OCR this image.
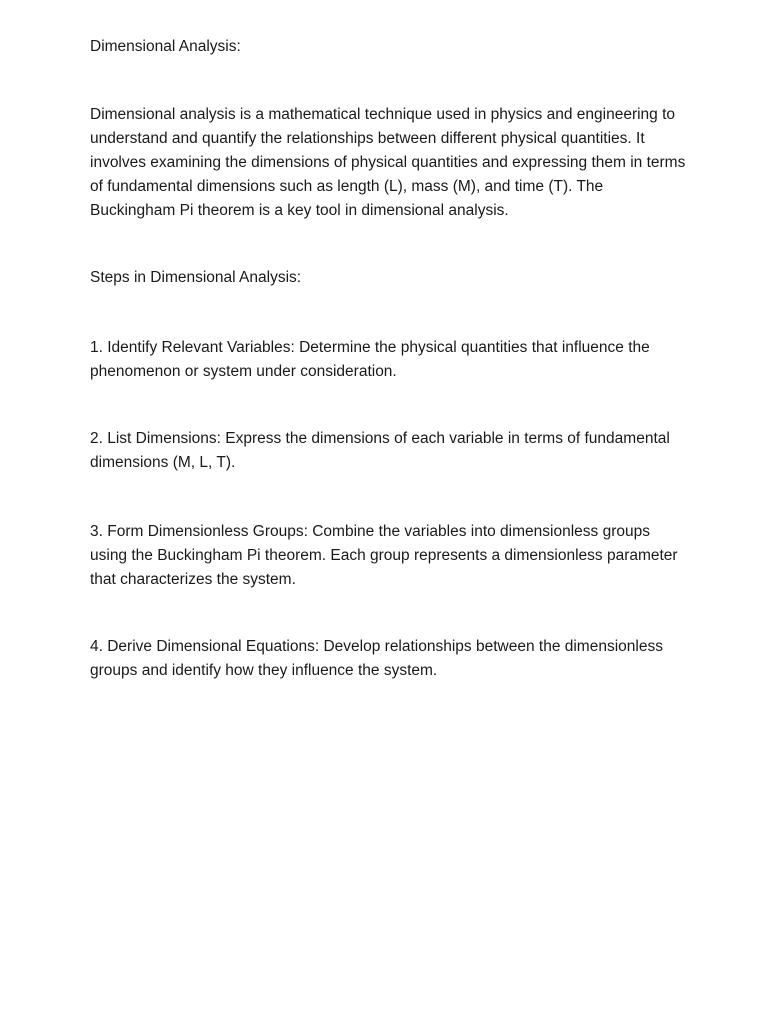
Dimensional Analysis:

Dimensional analysis is a mathematical technique used in physics and engineering to understand and quantify the relationships between different physical quantities. It involves examining the dimensions of physical quantities and expressing them in terms of fundamental dimensions such as length (L), mass (M), and time (T). The Buckingham Pi theorem is a key tool in dimensional analysis.

Steps in Dimensional Analysis:

1. Identify Relevant Variables: Determine the physical quantities that influence the phenomenon or system under consideration.

2. List Dimensions: Express the dimensions of each variable in terms of fundamental dimensions (M, L, T).

3. Form Dimensionless Groups: Combine the variables into dimensionless groups using the Buckingham Pi theorem. Each group represents a dimensionless parameter that characterizes the system.

4. Derive Dimensional Equations: Develop relationships between the dimensionless groups and identify how they influence the system.
